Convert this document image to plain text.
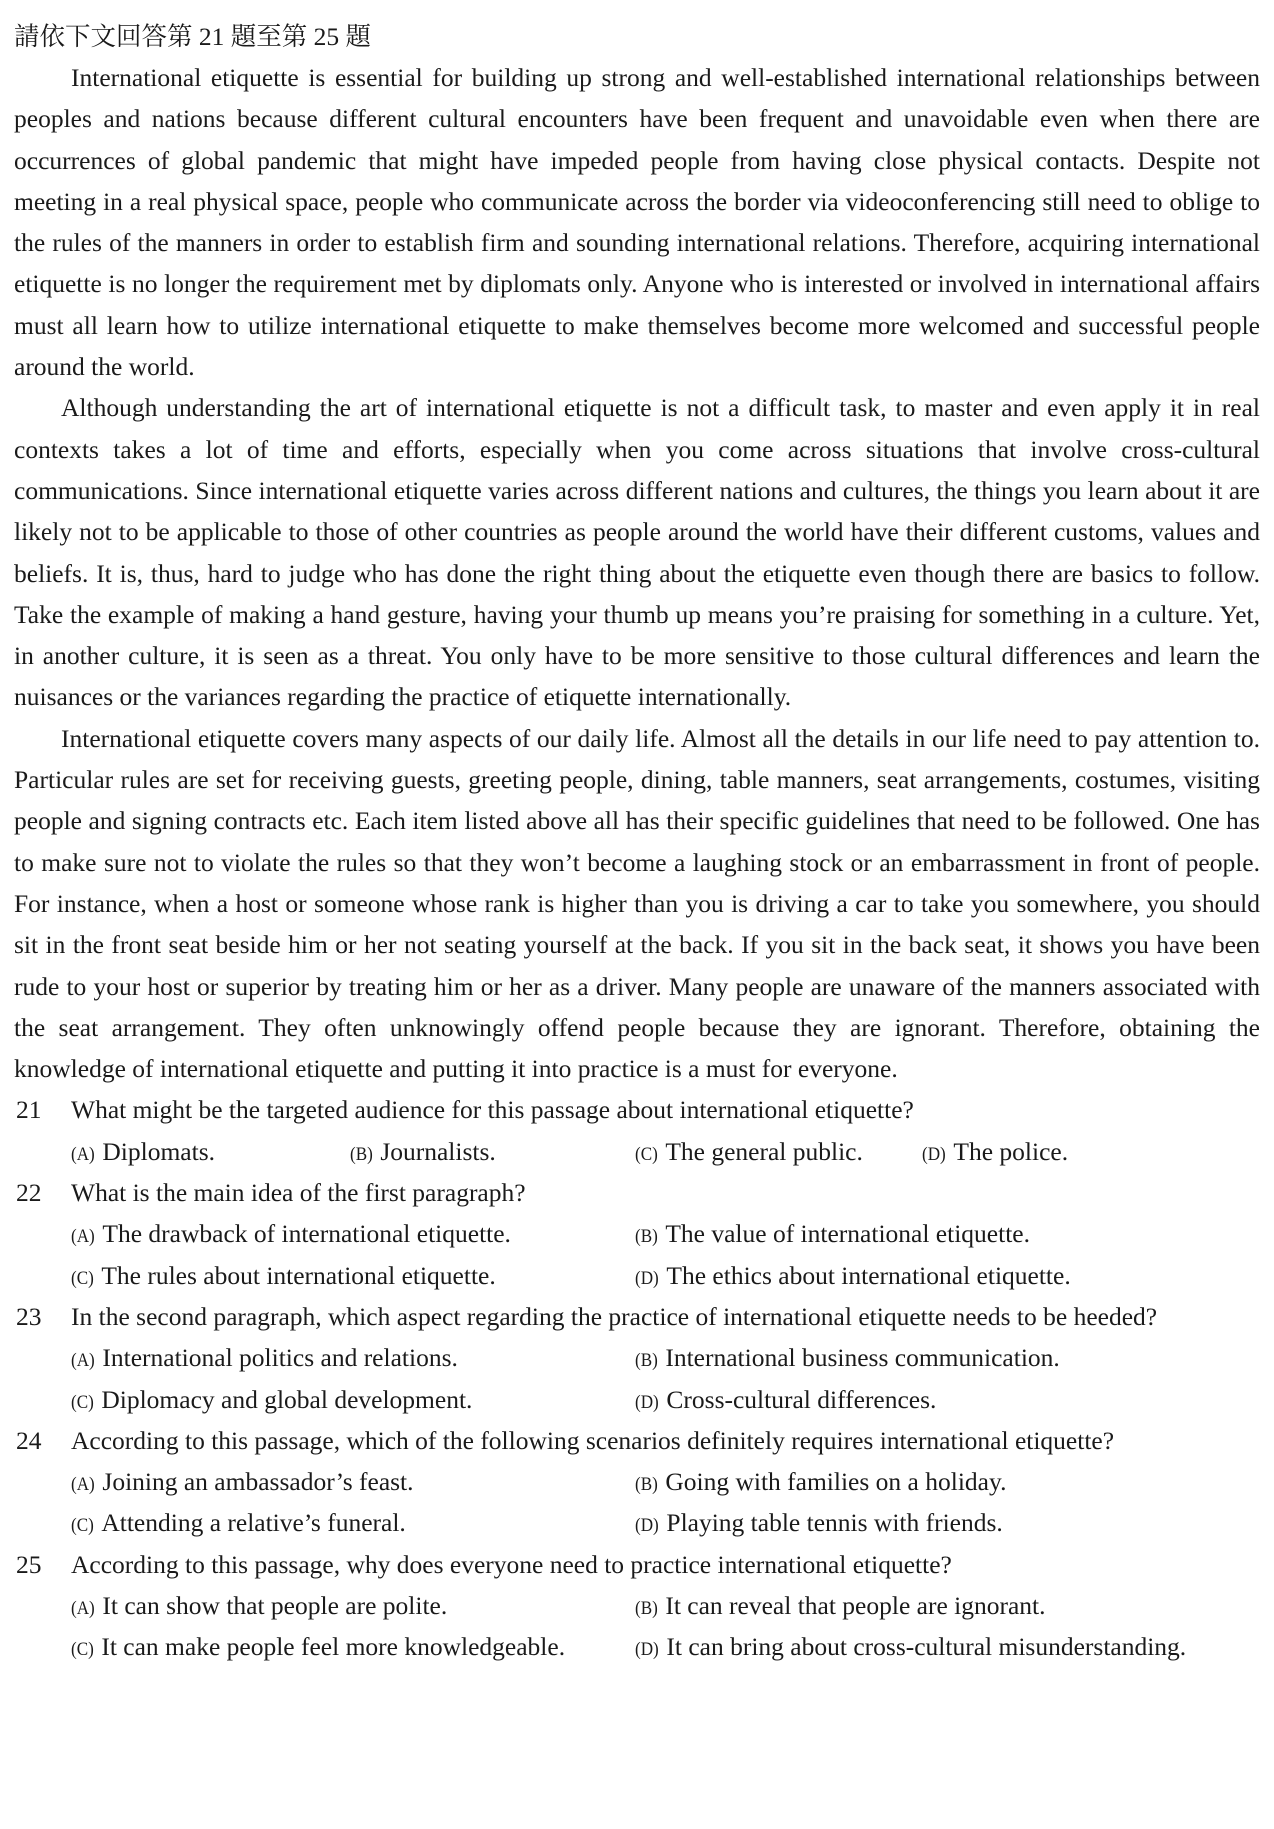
請依下文回答第 21 題至第 25 題

International etiquette is essential for building up strong and well-established international relationships between peoples and nations because different cultural encounters have been frequent and unavoidable even when there are occurrences of global pandemic that might have impeded people from having close physical contacts. Despite not meeting in a real physical space, people who communicate across the border via videoconferencing still need to oblige to the rules of the manners in order to establish firm and sounding international relations. Therefore, acquiring international etiquette is no longer the requirement met by diplomats only. Anyone who is interested or involved in international affairs must all learn how to utilize international etiquette to make themselves become more welcomed and successful people around the world.

Although understanding the art of international etiquette is not a difficult task, to master and even apply it in real contexts takes a lot of time and efforts, especially when you come across situations that involve cross-cultural communications. Since international etiquette varies across different nations and cultures, the things you learn about it are likely not to be applicable to those of other countries as people around the world have their different customs, values and beliefs. It is, thus, hard to judge who has done the right thing about the etiquette even though there are basics to follow. Take the example of making a hand gesture, having your thumb up means you’re praising for something in a culture. Yet, in another culture, it is seen as a threat. You only have to be more sensitive to those cultural differences and learn the nuisances or the variances regarding the practice of etiquette internationally.

International etiquette covers many aspects of our daily life. Almost all the details in our life need to pay attention to. Particular rules are set for receiving guests, greeting people, dining, table manners, seat arrangements, costumes, visiting people and signing contracts etc. Each item listed above all has their specific guidelines that need to be followed. One has to make sure not to violate the rules so that they won’t become a laughing stock or an embarrassment in front of people. For instance, when a host or someone whose rank is higher than you is driving a car to take you somewhere, you should sit in the front seat beside him or her not seating yourself at the back. If you sit in the back seat, it shows you have been rude to your host or superior by treating him or her as a driver. Many people are unaware of the manners associated with the seat arrangement. They often unknowingly offend people because they are ignorant. Therefore, obtaining the knowledge of international etiquette and putting it into practice is a must for everyone.

21	What might be the targeted audience for this passage about international etiquette?
(A) Diplomats.	(B) Journalists.	(C) The general public.	(D) The police.
22	What is the main idea of the first paragraph?
(A) The drawback of international etiquette.	(B) The value of international etiquette.
(C) The rules about international etiquette.	(D) The ethics about international etiquette.
23	In the second paragraph, which aspect regarding the practice of international etiquette needs to be heeded?
(A) International politics and relations.	(B) International business communication.
(C) Diplomacy and global development.	(D) Cross-cultural differences.
24	According to this passage, which of the following scenarios definitely requires international etiquette?
(A) Joining an ambassador’s feast.	(B) Going with families on a holiday.
(C) Attending a relative’s funeral.	(D) Playing table tennis with friends.
25	According to this passage, why does everyone need to practice international etiquette?
(A) It can show that people are polite.	(B) It can reveal that people are ignorant.
(C) It can make people feel more knowledgeable.	(D) It can bring about cross-cultural misunderstanding.
